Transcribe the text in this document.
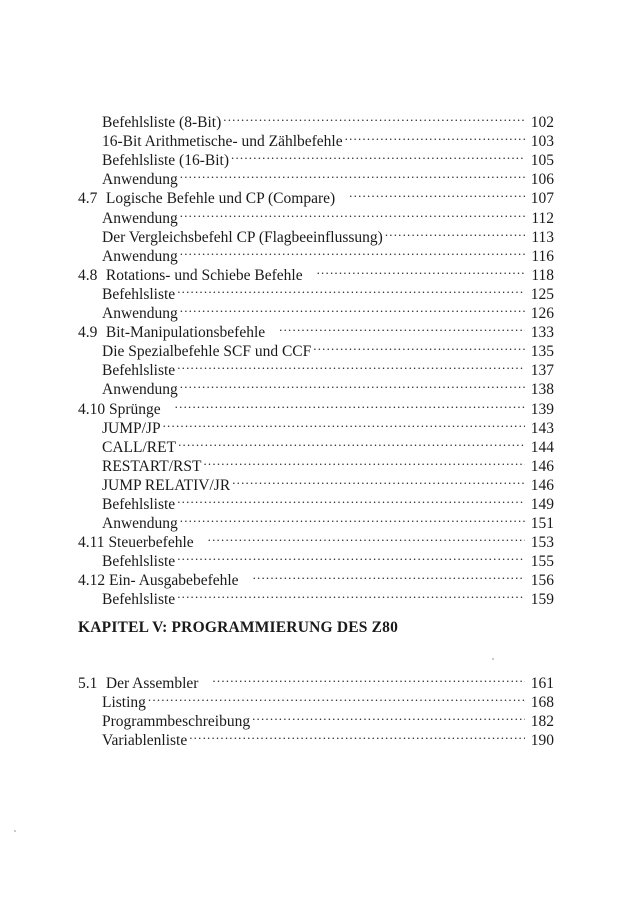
Befehlsliste (8-Bit) .....	102
16-Bit Arithmetische- und Zählbefehle .....	103
Befehlsliste (16-Bit) .....	105
Anwendung .....	106
4.7 Logische Befehle und CP (Compare) .....	107
Anwendung .....	112
Der Vergleichsbefehl CP (Flagbeeinflussung) .....	113
Anwendung .....	116
4.8 Rotations- und Schiebe Befehle .....	118
Befehlsliste .....	125
Anwendung .....	126
4.9 Bit-Manipulationsbefehle .....	133
Die Spezialbefehle SCF und CCF .....	135
Befehlsliste .....	137
Anwendung .....	138
4.10 Sprünge .....	139
JUMP/JP .....	143
CALL/RET .....	144
RESTART/RST .....	146
JUMP RELATIV/JR .....	146
Befehlsliste .....	149
Anwendung .....	151
4.11 Steuerbefehle .....	153
Befehlsliste .....	155
4.12 Ein- Ausgabebefehle .....	156
Befehlsliste .....	159
KAPITEL V: PROGRAMMIERUNG DES Z80
5.1 Der Assembler .....	161
Listing .....	168
Programmbeschreibung .....	182
Variablenliste .....	190
